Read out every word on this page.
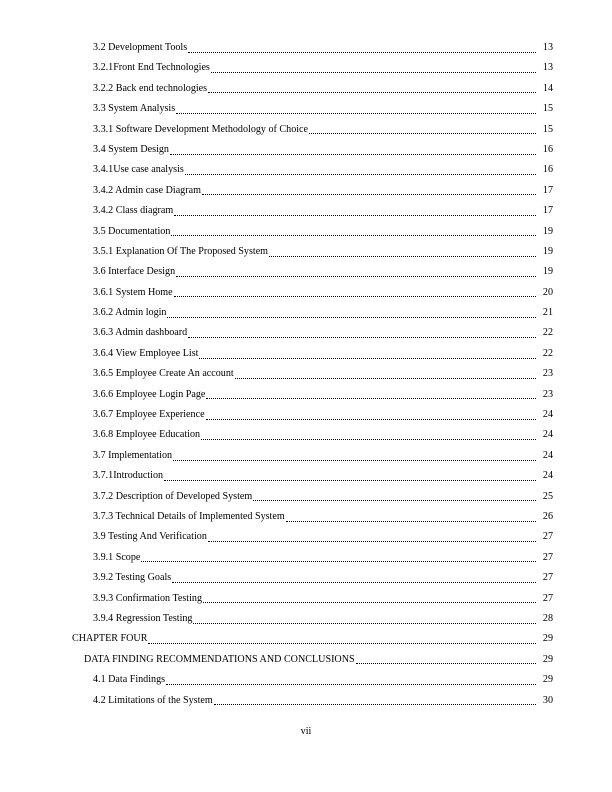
3.2 Development Tools	13
3.2.1Front End Technologies	13
3.2.2 Back end technologies	14
3.3 System Analysis	15
3.3.1 Software Development Methodology of Choice	15
3.4 System Design	16
3.4.1Use case analysis	16
3.4.2 Admin case Diagram	17
3.4.2 Class diagram	17
3.5 Documentation	19
3.5.1 Explanation Of The Proposed System	19
3.6 Interface Design	19
3.6.1 System Home	20
3.6.2 Admin login	21
3.6.3 Admin dashboard	22
3.6.4 View Employee List	22
3.6.5 Employee Create An account	23
3.6.6 Employee Login Page	23
3.6.7 Employee Experience	24
3.6.8 Employee Education	24
3.7 Implementation	24
3.7.1Introduction	24
3.7.2 Description of Developed System	25
3.7.3 Technical Details of Implemented System	26
3.9 Testing And Verification	27
3.9.1 Scope	27
3.9.2 Testing Goals	27
3.9.3 Confirmation Testing	27
3.9.4 Regression Testing	28
CHAPTER FOUR	29
DATA FINDING RECOMMENDATIONS AND CONCLUSIONS	29
4.1 Data Findings	29
4.2 Limitations of the System	30
vii
